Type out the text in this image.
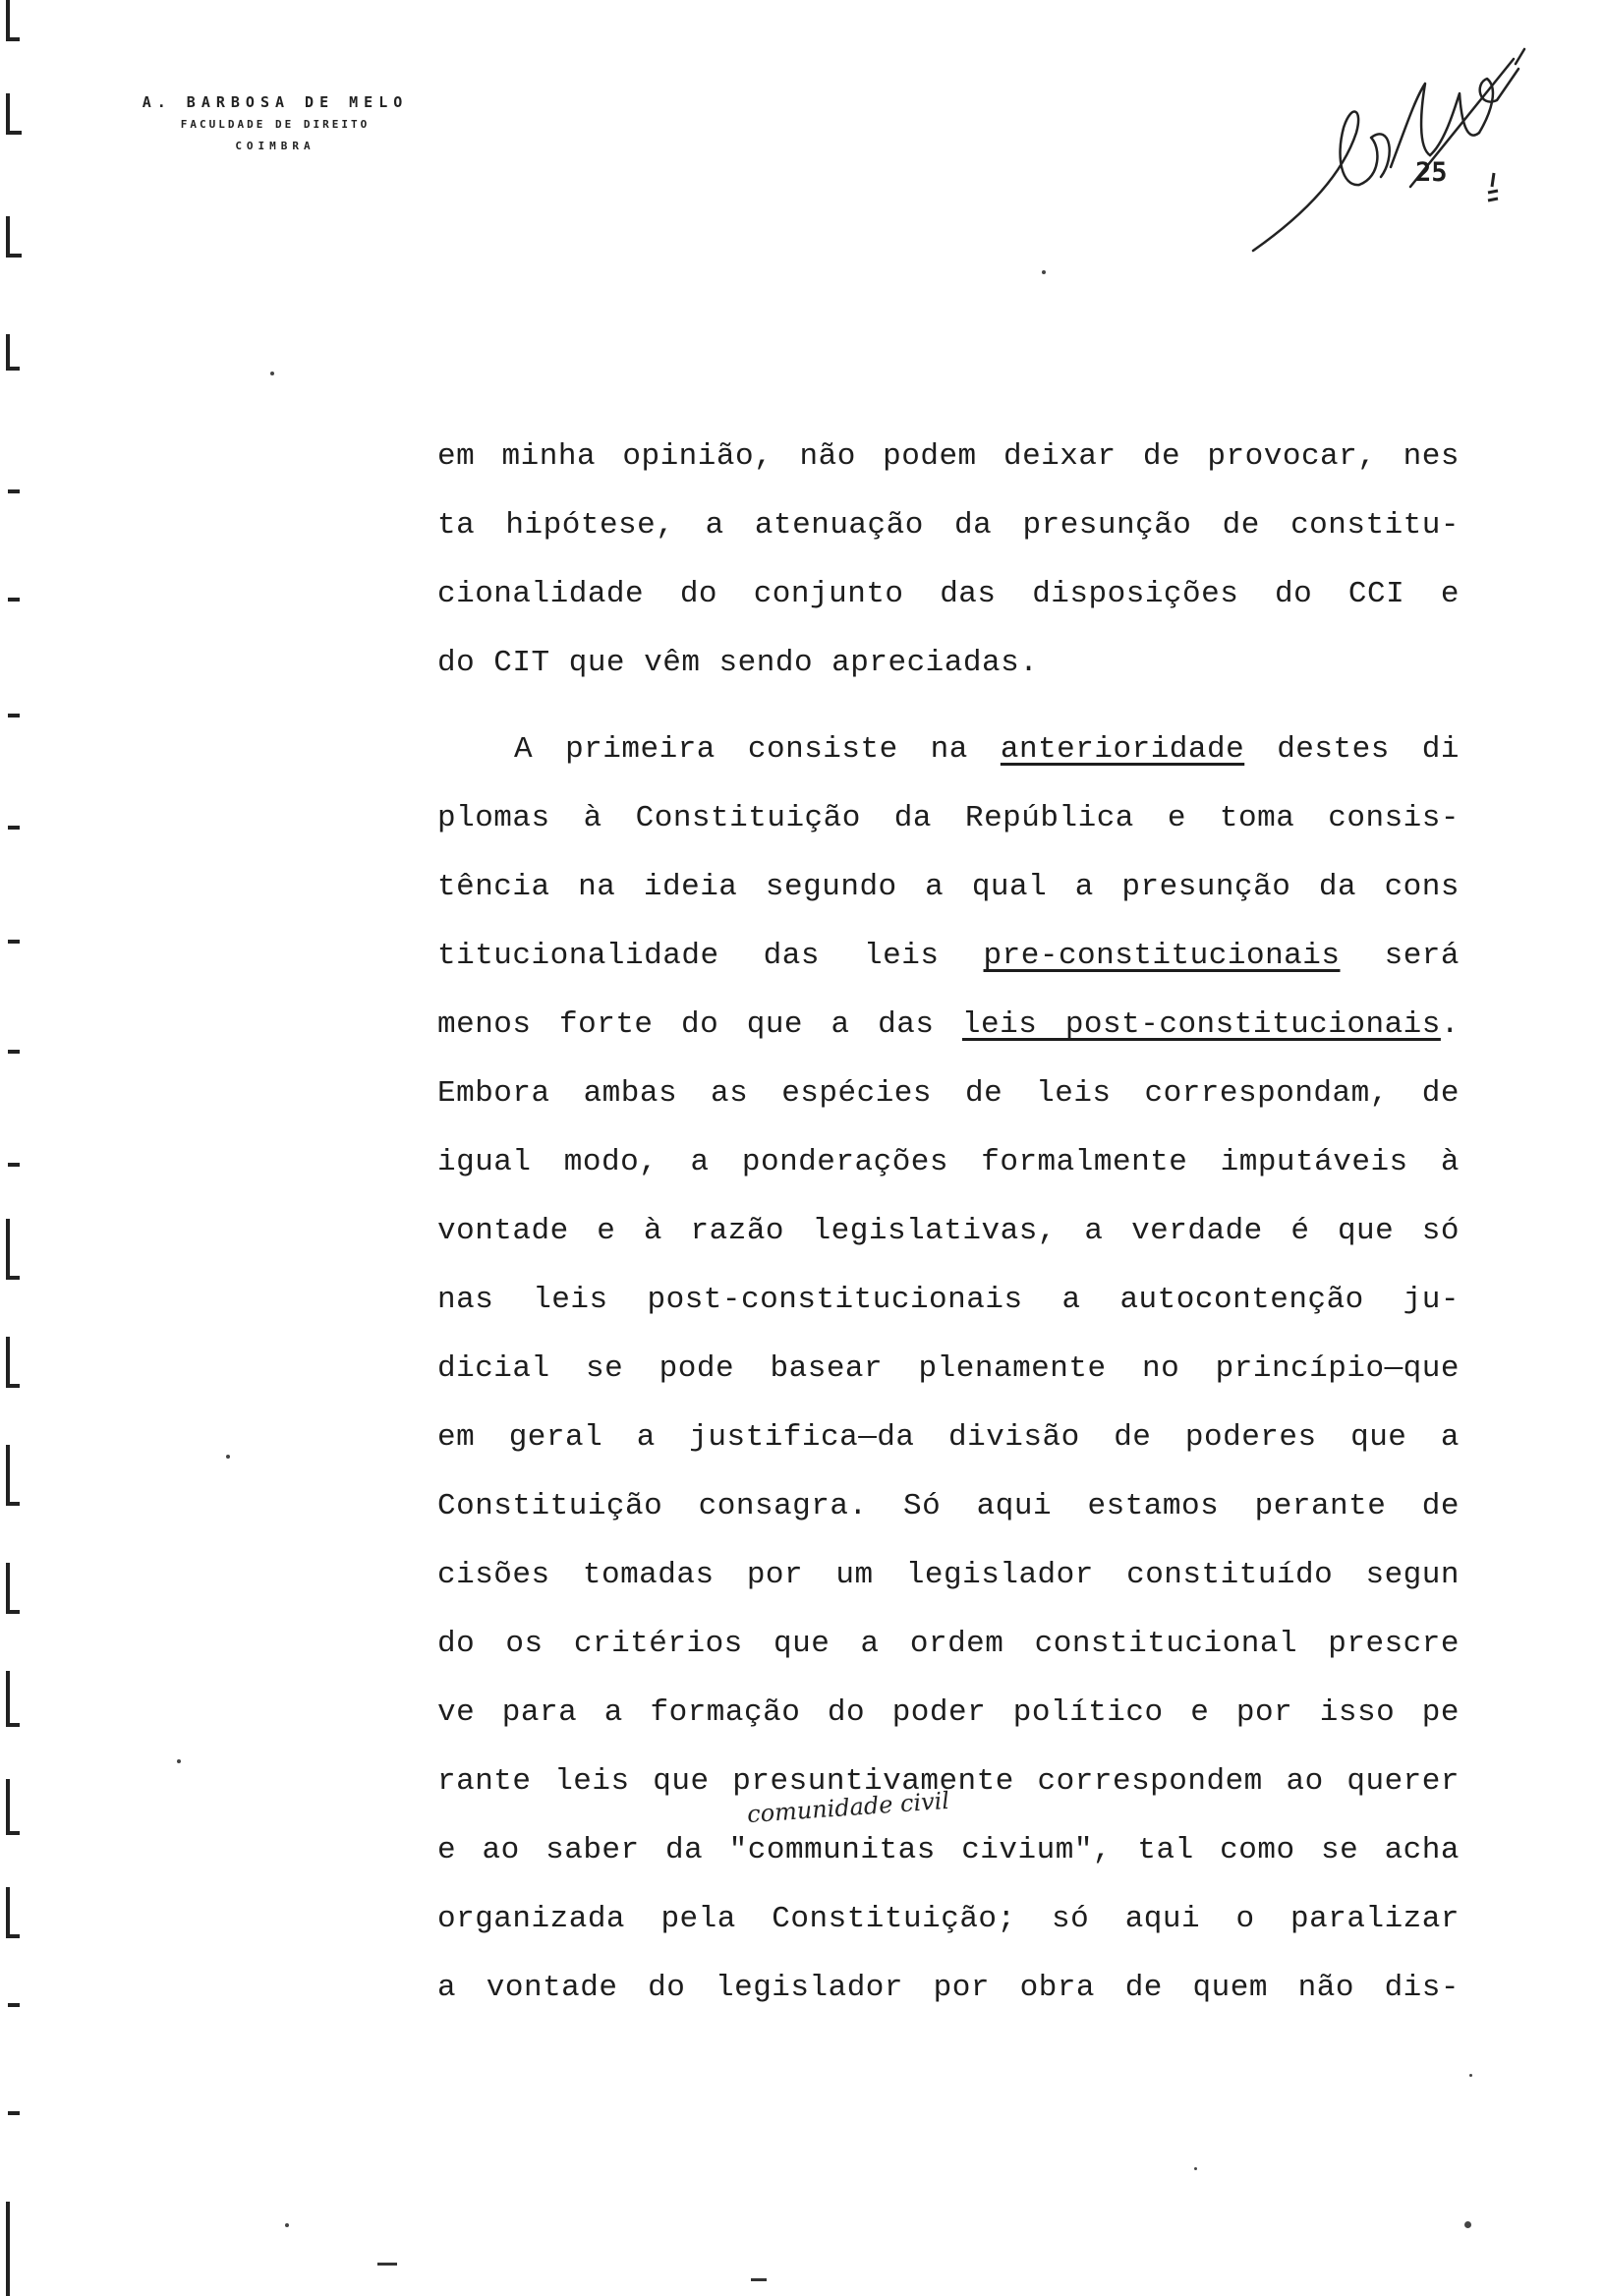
A. BARBOSA DE MELO
FACULDADE DE DIREITO
COIMBRA
25
em minha opinião, não podem deixar de provocar, nes
ta hipótese, a atenuação da presunção de constitu-
cionalidade do conjunto das disposições do CCI e
do CIT que vêm sendo apreciadas.
A primeira consiste na anterioridade destes di
plomas à Constituição da República e toma consis-
tência na ideia segundo a qual a presunção da cons
titucionalidade das leis pre-constitucionais será
menos forte do que a das leis post-constitucionais.
Embora ambas as espécies de leis correspondam, de
igual modo, a ponderações formalmente imputáveis à
vontade e à razão legislativas, a verdade é que só
nas leis post-constitucionais a autocontenção ju-
dicial se pode basear plenamente no princípio—que
em geral a justifica—da divisão de poderes que a
Constituição consagra. Só aqui estamos perante de
cisões tomadas por um legislador constituído segun
do os critérios que a ordem constitucional prescre
ve para a formação do poder político e por isso pe
rante leis que presuntivamente correspondem ao querer
e ao saber da "communitas civium", tal como se acha
organizada pela Constituição; só aqui o paralizar
a vontade do legislador por obra de quem não dis-
comunidade civil
